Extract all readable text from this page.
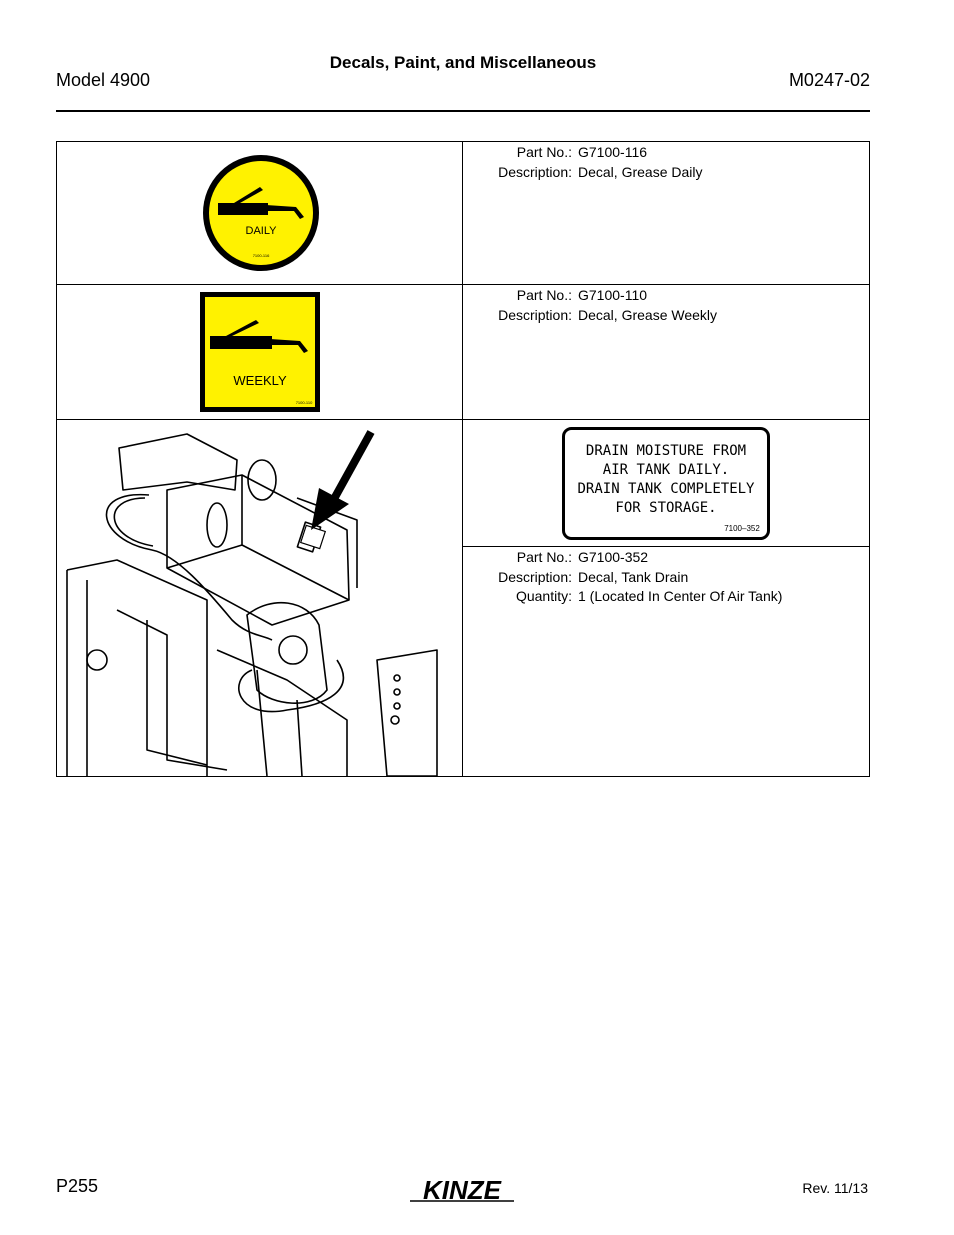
Decals, Paint, and Miscellaneous
Model 4900	M0247-02
DAILY
7100-116
Part No.: G7100-116
Description: Decal, Grease Daily
WEEKLY
7100-110
Part No.: G7100-110
Description: Decal, Grease Weekly
DRAIN MOISTURE FROM
AIR TANK DAILY.
DRAIN TANK COMPLETELY
FOR STORAGE.
7100–352
Part No.: G7100-352
Description: Decal, Tank Drain
Quantity: 1 (Located In Center Of Air Tank)
P255	KINZE	Rev. 11/13
